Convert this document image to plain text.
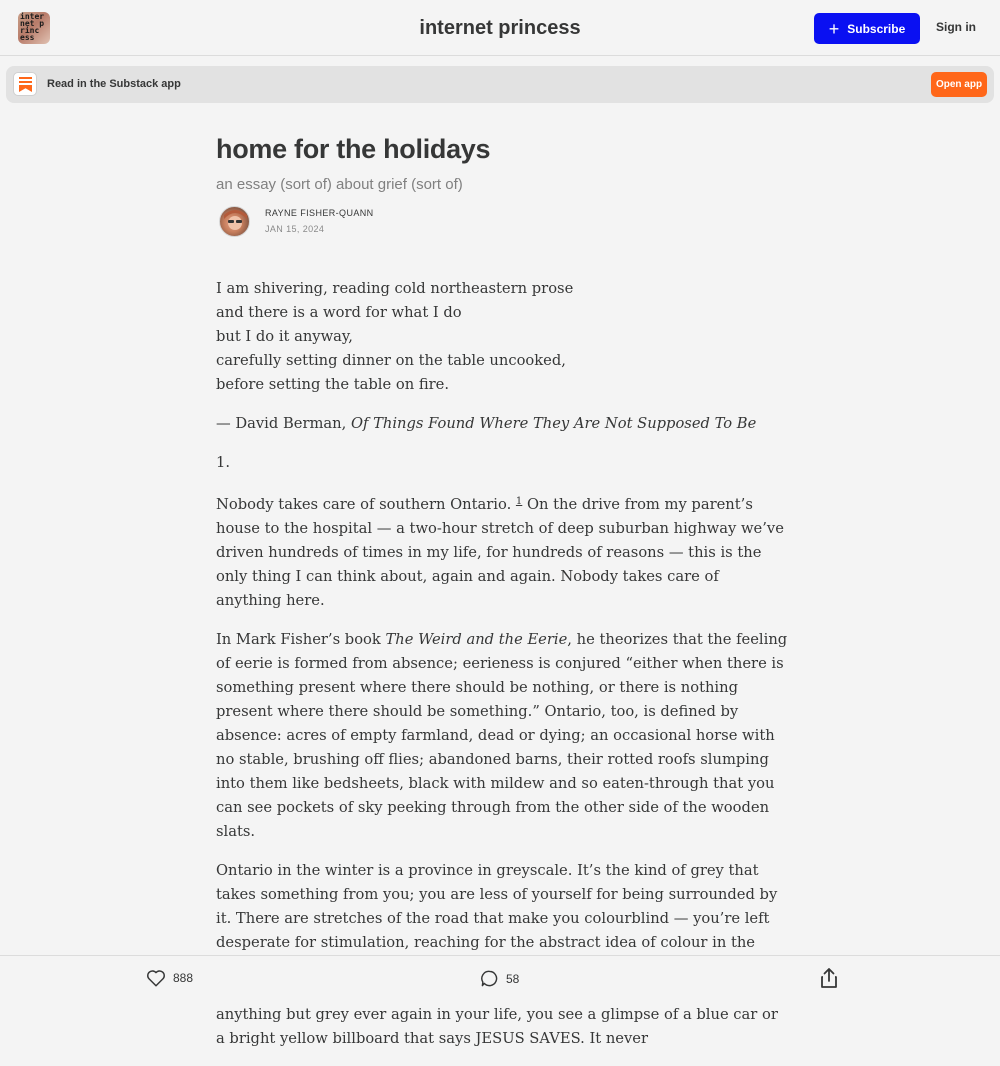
inter
net p
rinc
ess	internet princess	+ Subscribe	Sign in
Read in the Substack app	Open app
home for the holidays
an essay (sort of) about grief (sort of)
RAYNE FISHER-QUANN
JAN 15, 2024

I am shivering, reading cold northeastern prose
and there is a word for what I do
but I do it anyway,
carefully setting dinner on the table uncooked,
before setting the table on fire.

— David Berman, Of Things Found Where They Are Not Supposed To Be

1.

Nobody takes care of southern Ontario. $^1$ On the drive from my parent’s house to the hospital — a two-hour stretch of deep suburban highway we’ve driven hundreds of times in my life, for hundreds of reasons — this is the only thing I can think about, again and again. Nobody takes care of anything here.

In Mark Fisher’s book The Weird and the Eerie, he theorizes that the feeling of eerie is formed from absence; eerieness is conjured “either when there is something present where there should be nothing, or there is nothing present where there should be something.” Ontario, too, is defined by absence: acres of empty farmland, dead or dying; an occasional horse with no stable, brushing off flies; abandoned barns, their rotted roofs slumping into them like bedsheets, black with mildew and so eaten-through that you can see pockets of sky peeking through from the other side of the wooden slats.

Ontario in the winter is a province in greyscale. It’s the kind of grey that takes something from you; you are less of yourself for being surrounded by it. There are stretches of the road that make you colourblind — you’re left desperate for stimulation, reaching for the abstract idea of colour in the anything but grey ever again in your life, you see a glimpse of a blue car or a bright yellow billboard that says JESUS SAVES. It never

888	58
